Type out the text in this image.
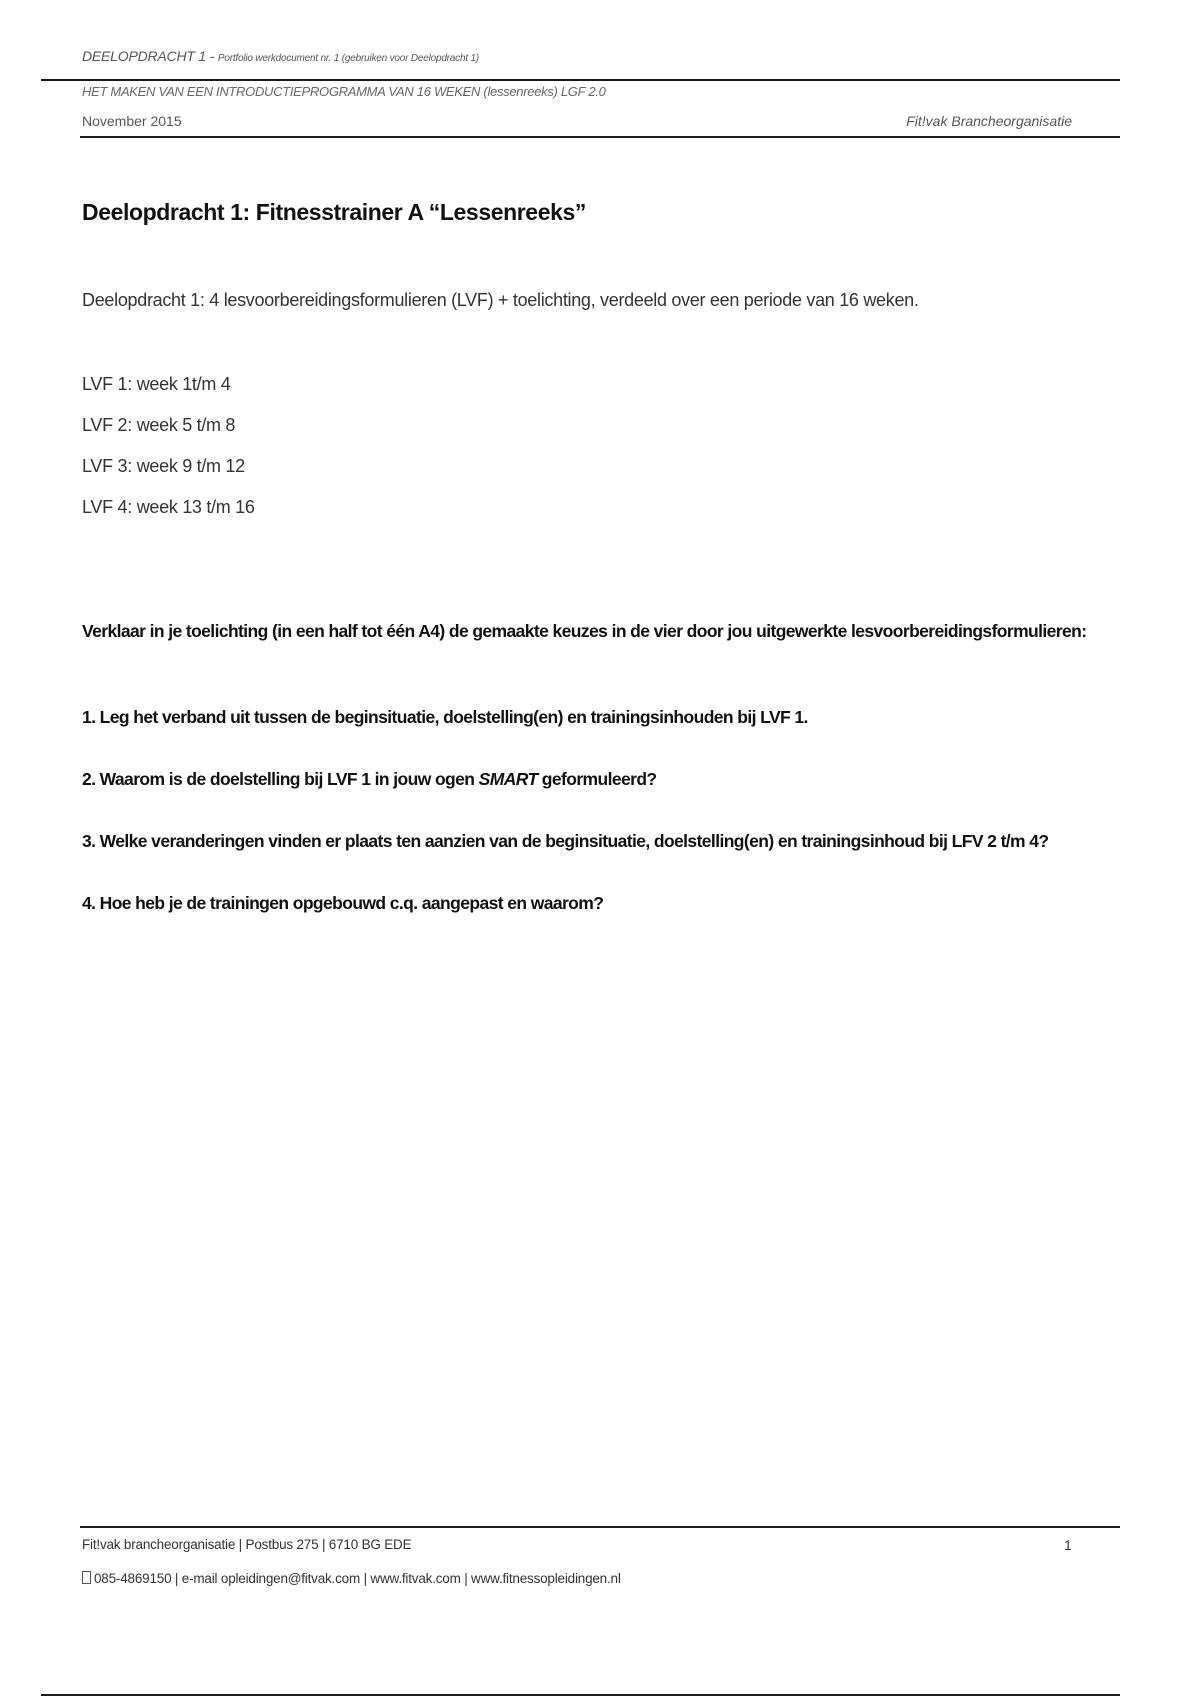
DEELOPDRACHT 1 - Portfolio werkdocument nr. 1 (gebruiken voor Deelopdracht 1)
HET MAKEN VAN EEN INTRODUCTIEPROGRAMMA VAN 16 WEKEN (lessenreeks) LGF 2.0
November 2015	Fit!vak Brancheorganisatie
Deelopdracht 1: Fitnesstrainer A “Lessenreeks”

Deelopdracht 1: 4 lesvoorbereidingsformulieren (LVF) + toelichting, verdeeld over een periode van 16 weken.

LVF 1: week 1t/m 4
LVF 2: week 5 t/m 8
LVF 3: week 9 t/m 12
LVF 4: week 13 t/m 16

Verklaar in je toelichting (in een half tot één A4) de gemaakte keuzes in de vier door jou uitgewerkte lesvoorbereidingsformulieren:

1. Leg het verband uit tussen de beginsituatie, doelstelling(en) en trainingsinhouden bij LVF 1.
2. Waarom is de doelstelling bij LVF 1 in jouw ogen SMART geformuleerd?
3. Welke veranderingen vinden er plaats ten aanzien van de beginsituatie, doelstelling(en) en trainingsinhoud bij LFV 2 t/m 4?
4. Hoe heb je de trainingen opgebouwd c.q. aangepast en waarom?
Fit!vak brancheorganisatie | Postbus 275 | 6710 BG EDE	1
085-4869150 | e-mail opleidingen@fitvak.com | www.fitvak.com | www.fitnessopleidingen.nl
